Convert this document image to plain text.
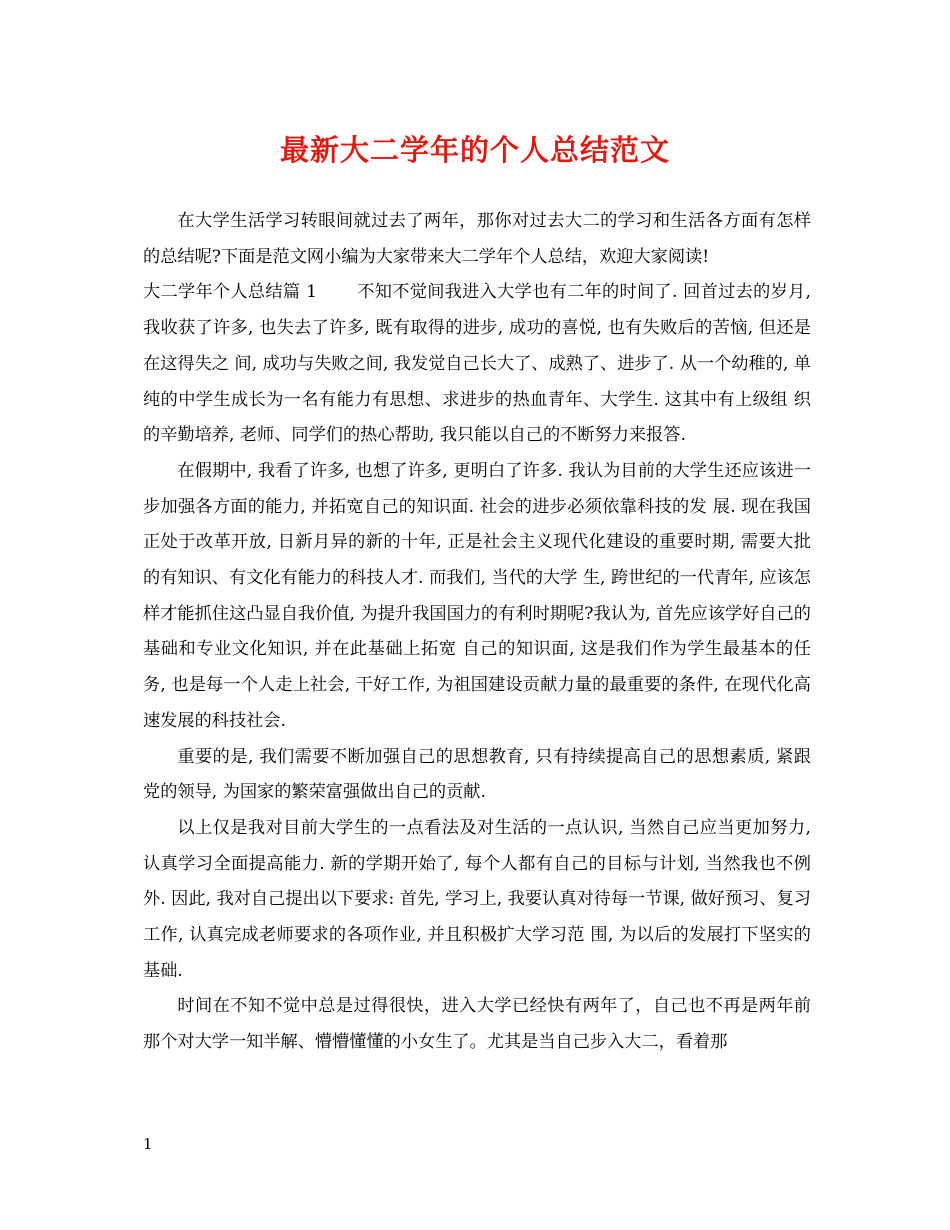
最新大二学年的个人总结范文

在大学生活学习转眼间就过去了两年，那你对过去大二的学习和生活各方面有怎样的总结呢?下面是范文网小编为大家带来大二学年个人总结，欢迎大家阅读!

大二学年个人总结篇 1 不知不觉间我进入大学也有二年的时间了. 回首过去的岁月, 我收获了许多, 也失去了许多, 既有取得的进步, 成功的喜悦, 也有失败后的苦恼, 但还是在这得失之 间, 成功与失败之间, 我发觉自己长大了、成熟了、进步了. 从一个幼稚的, 单纯的中学生成长为一名有能力有思想、求进步的热血青年、大学生. 这其中有上级组 织的辛勤培养, 老师、同学们的热心帮助, 我只能以自己的不断努力来报答.

在假期中, 我看了许多, 也想了许多, 更明白了许多. 我认为目前的大学生还应该进一步加强各方面的能力, 并拓宽自己的知识面. 社会的进步必须依靠科技的发 展. 现在我国正处于改革开放, 日新月异的新的十年, 正是社会主义现代化建设的重要时期, 需要大批的有知识、有文化有能力的科技人才. 而我们, 当代的大学 生, 跨世纪的一代青年, 应该怎样才能抓住这凸显自我价值, 为提升我国国力的有利时期呢?我认为, 首先应该学好自己的基础和专业文化知识, 并在此基础上拓宽 自己的知识面, 这是我们作为学生最基本的任务, 也是每一个人走上社会, 干好工作, 为祖国建设贡献力量的最重要的条件, 在现代化高速发展的科技社会.

重要的是, 我们需要不断加强自己的思想教育, 只有持续提高自己的思想素质, 紧跟党的领导, 为国家的繁荣富强做出自己的贡献.

以上仅是我对目前大学生的一点看法及对生活的一点认识, 当然自己应当更加努力, 认真学习全面提高能力. 新的学期开始了, 每个人都有自己的目标与计划, 当然我也不例外. 因此, 我对自己提出以下要求: 首先, 学习上, 我要认真对待每一节课, 做好预习、复习工作, 认真完成老师要求的各项作业, 并且积极扩大学习范 围, 为以后的发展打下坚实的基础.

时间在不知不觉中总是过得很快，进入大学已经快有两年了，自己也不再是两年前那个对大学一知半解、懵懵懂懂的小女生了。尤其是当自己步入大二，看着那

1
